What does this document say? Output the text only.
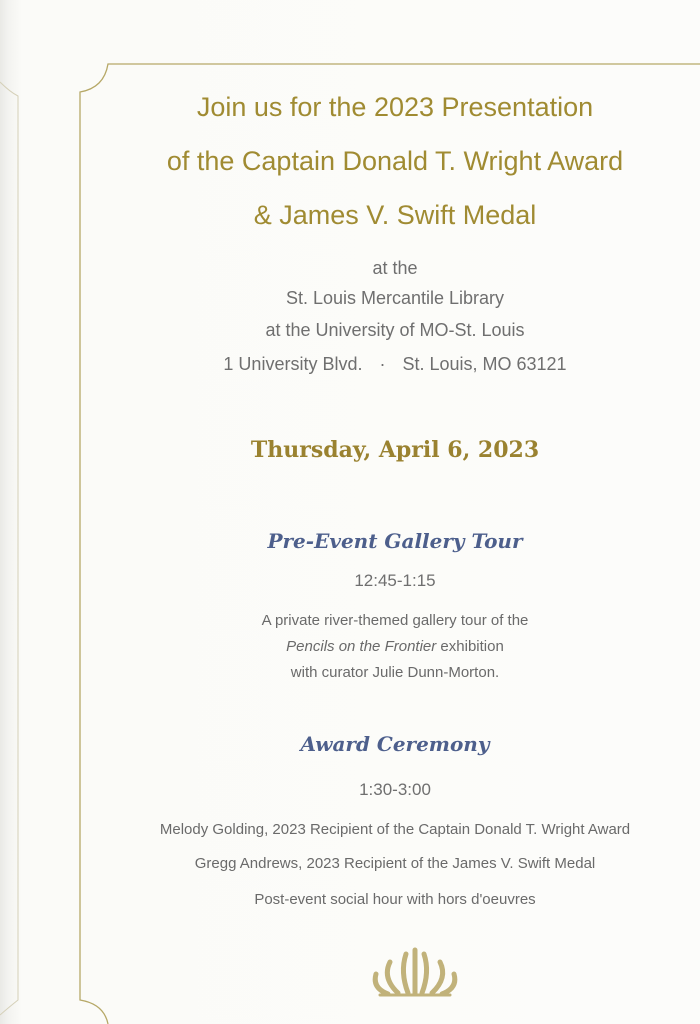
Join us for the 2023 Presentation
of the Captain Donald T. Wright Award
& James V. Swift Medal
at the
St. Louis Mercantile Library
at the University of MO-St. Louis
1 University Blvd. · St. Louis, MO 63121
Thursday, April 6, 2023
Pre-Event Gallery Tour
12:45-1:15
A private river-themed gallery tour of the
Pencils on the Frontier exhibition
with curator Julie Dunn-Morton.
Award Ceremony
1:30-3:00
Melody Golding, 2023 Recipient of the Captain Donald T. Wright Award
Gregg Andrews, 2023 Recipient of the James V. Swift Medal
Post-event social hour with hors d'oeuvres
